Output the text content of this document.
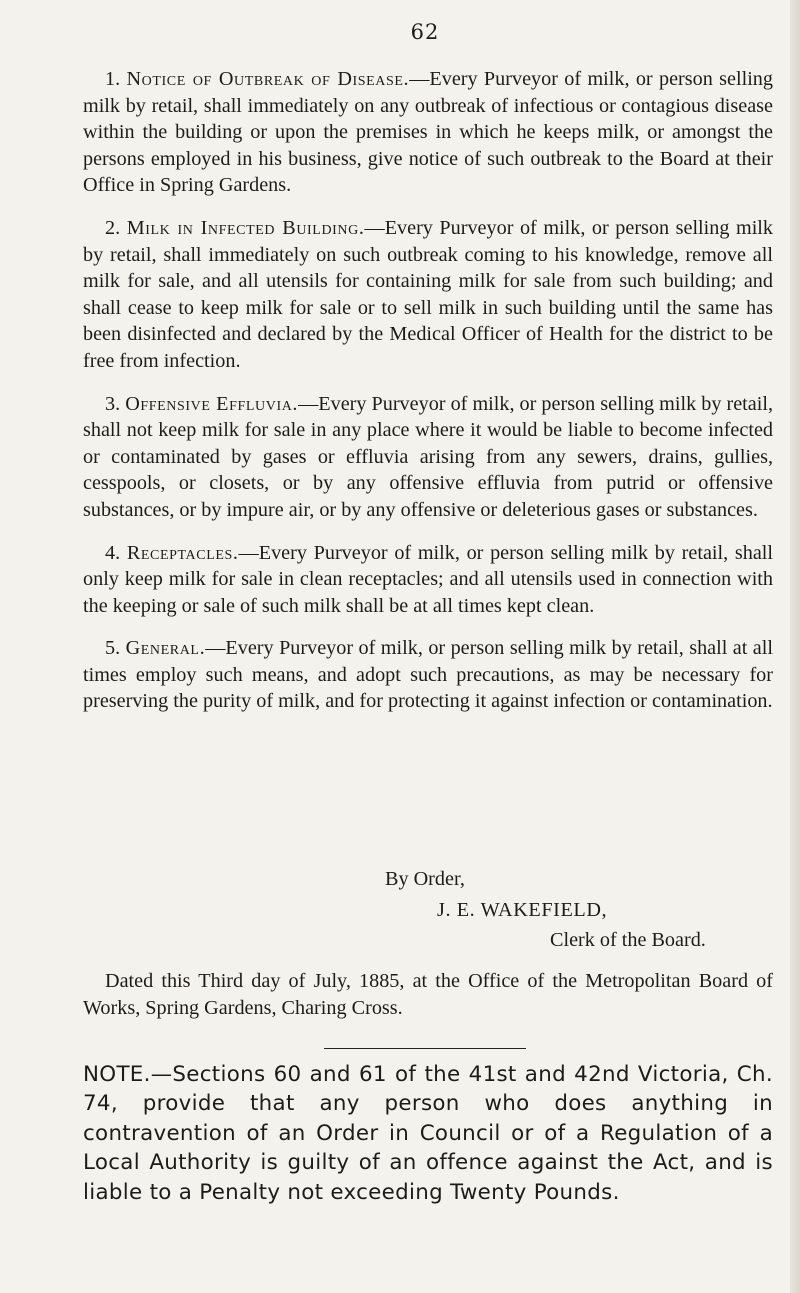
62

1. Notice of Outbreak of Disease.—Every Purveyor of milk, or person selling milk by retail, shall immediately on any outbreak of infectious or contagious disease within the building or upon the premises in which he keeps milk, or amongst the persons employed in his business, give notice of such outbreak to the Board at their Office in Spring Gardens.

2. Milk in Infected Building.—Every Purveyor of milk, or person selling milk by retail, shall immediately on such outbreak coming to his knowledge, remove all milk for sale, and all utensils for containing milk for sale from such building; and shall cease to keep milk for sale or to sell milk in such building until the same has been disinfected and declared by the Medical Officer of Health for the district to be free from infection.

3. Offensive Effluvia.—Every Purveyor of milk, or person selling milk by retail, shall not keep milk for sale in any place where it would be liable to become infected or contaminated by gases or effluvia arising from any sewers, drains, gullies, cesspools, or closets, or by any offensive effluvia from putrid or offensive substances, or by impure air, or by any offensive or deleterious gases or substances.

4. Receptacles.—Every Purveyor of milk, or person selling milk by retail, shall only keep milk for sale in clean receptacles; and all utensils used in connection with the keeping or sale of such milk shall be at all times kept clean.

5. General.—Every Purveyor of milk, or person selling milk by retail, shall at all times employ such means, and adopt such precautions, as may be necessary for preserving the purity of milk, and for protecting it against infection or contamination.

By Order,
J. E. WAKEFIELD,
Clerk of the Board.
Dated this Third day of July, 1885, at the Office of the Metropolitan Board of Works, Spring Gardens, Charing Cross.
NOTE.—Sections 60 and 61 of the 41st and 42nd Victoria, Ch. 74, provide that any person who does anything in contravention of an Order in Council or of a Regulation of a Local Authority is guilty of an offence against the Act, and is liable to a Penalty not exceeding Twenty Pounds.
